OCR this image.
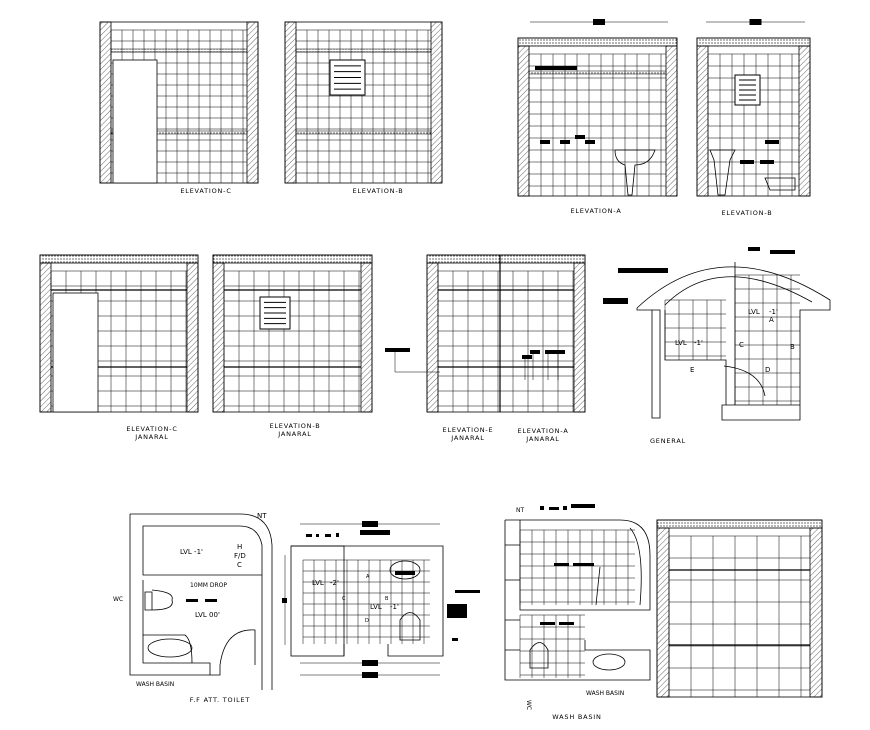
ELEVATION-C	ELEVATION-B
ELEVATION-A	ELEVATION-B
ELEVATION-C
JANARAL
ELEVATION-B
JANARAL	ELEVATION-E
JANARAL
ELEVATION-A
JANARAL
LVL -1'
LVL -1'
A
B
C
D
E
GENERAL
NT
H
F/D
C
LVL -1'
10MM DROP
WC
LVL 00'
WASH BASIN
F.F ATT. TOILET
LVL -2'
LVL -1'
A
B
C
D
NT
WC
WASH BASIN
WASH BASIN
